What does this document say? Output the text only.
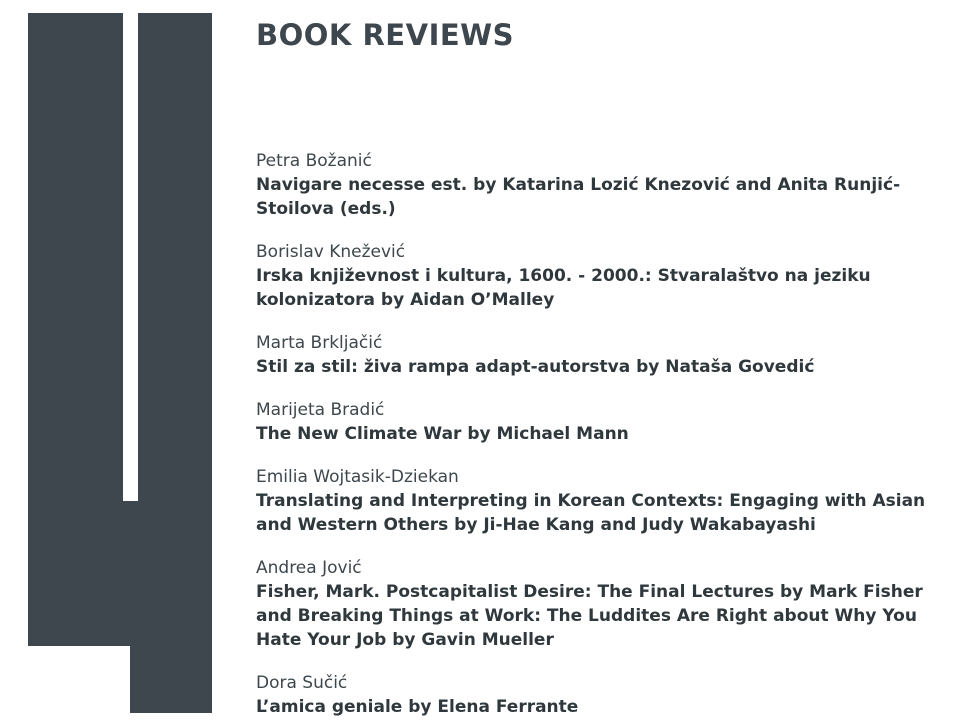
BOOK REVIEWS
Petra Božanić
Navigare necesse est. by Katarina Lozić Knezović and Anita Runjić-Stoilova (eds.)
Borislav Knežević
Irska književnost i kultura, 1600. - 2000.: Stvaralaštvo na jeziku kolonizatora by Aidan O’Malley
Marta Brkljačić
Stil za stil: živa rampa adapt-autorstva by Nataša Govedić
Marijeta Bradić
The New Climate War by Michael Mann
Emilia Wojtasik-Dziekan
Translating and Interpreting in Korean Contexts: Engaging with Asian and Western Others by Ji-Hae Kang and Judy Wakabayashi
Andrea Jović
Fisher, Mark. Postcapitalist Desire: The Final Lectures by Mark Fisher and Breaking Things at Work: The Luddites Are Right about Why You Hate Your Job by Gavin Mueller
Dora Sučić
L’amica geniale by Elena Ferrante
